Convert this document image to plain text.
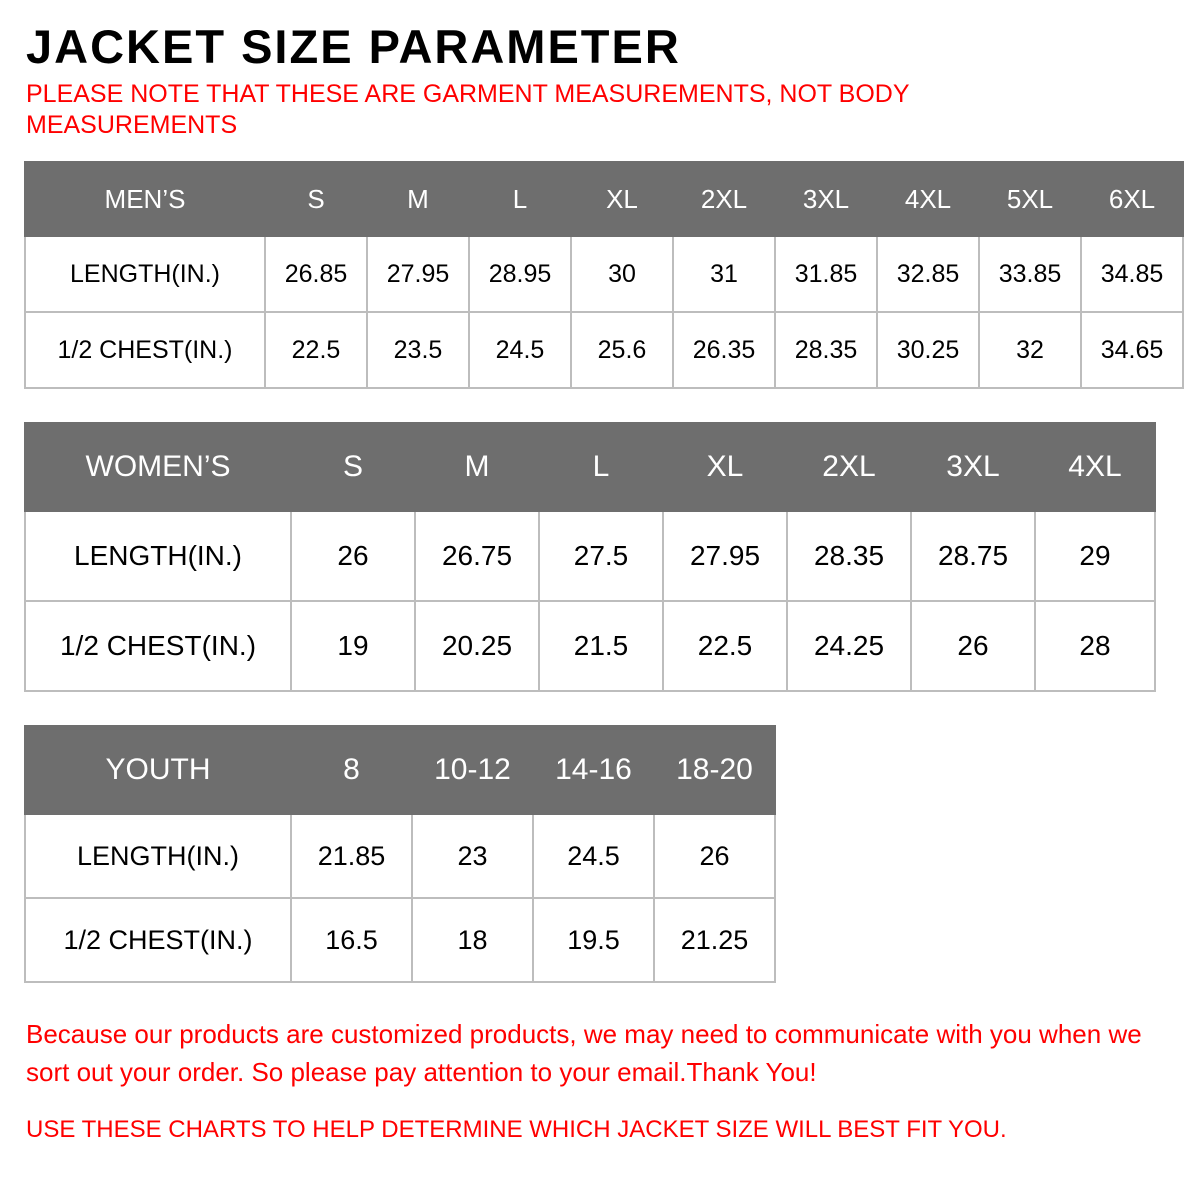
JACKET SIZE PARAMETER

PLEASE NOTE THAT THESE ARE GARMENT MEASUREMENTS, NOT BODY MEASUREMENTS

MEN’S	S	M	L	XL	2XL	3XL	4XL	5XL	6XL
LENGTH(IN.)	26.85	27.95	28.95	30	31	31.85	32.85	33.85	34.85
1/2 CHEST(IN.)	22.5	23.5	24.5	25.6	26.35	28.35	30.25	32	34.65
WOMEN’S	S	M	L	XL	2XL	3XL	4XL
LENGTH(IN.)	26	26.75	27.5	27.95	28.35	28.75	29
1/2 CHEST(IN.)	19	20.25	21.5	22.5	24.25	26	28
YOUTH	8	10-12	14-16	18-20
LENGTH(IN.)	21.85	23	24.5	26
1/2 CHEST(IN.)	16.5	18	19.5	21.25
Because our products are customized products, we may need to communicate with you when we sort out your order. So please pay attention to your email.Thank You!
USE THESE CHARTS TO HELP DETERMINE WHICH JACKET SIZE WILL BEST FIT YOU.
